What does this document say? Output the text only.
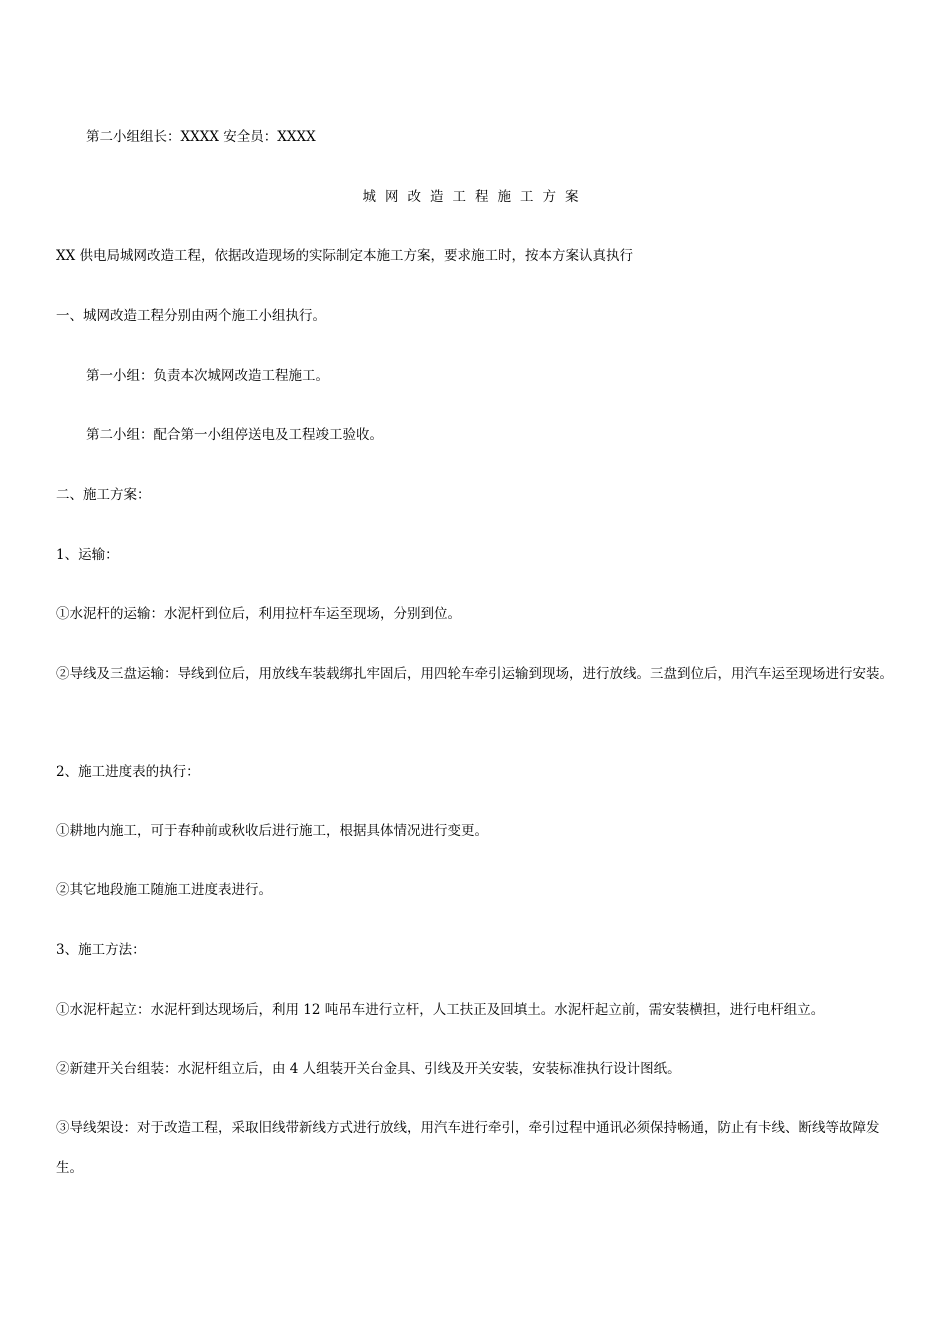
第二小组组长：XXXX 安全员：XXXX
城网改造工程施工方案
XX 供电局城网改造工程，依据改造现场的实际制定本施工方案，要求施工时，按本方案认真执行
一、城网改造工程分别由两个施工小组执行。
第一小组：负责本次城网改造工程施工。
第二小组：配合第一小组停送电及工程竣工验收。
二、施工方案：
1、运输：
①水泥杆的运输：水泥杆到位后，利用拉杆车运至现场，分别到位。
②导线及三盘运输：导线到位后，用放线车装载绑扎牢固后，用四轮车牵引运输到现场，进行放线。三盘到位后，用汽车运至现场进行安装。
2、施工进度表的执行：
①耕地内施工，可于春种前或秋收后进行施工，根据具体情况进行变更。
②其它地段施工随施工进度表进行。
3、施工方法：
①水泥杆起立：水泥杆到达现场后，利用 12 吨吊车进行立杆，人工扶正及回填土。水泥杆起立前，需安装横担，进行电杆组立。
②新建开关台组装：水泥杆组立后，由 4 人组装开关台金具、引线及开关安装，安装标准执行设计图纸。
③导线架设：对于改造工程，采取旧线带新线方式进行放线，用汽车进行牵引，牵引过程中通讯必须保持畅通，防止有卡线、断线等故障发生。
